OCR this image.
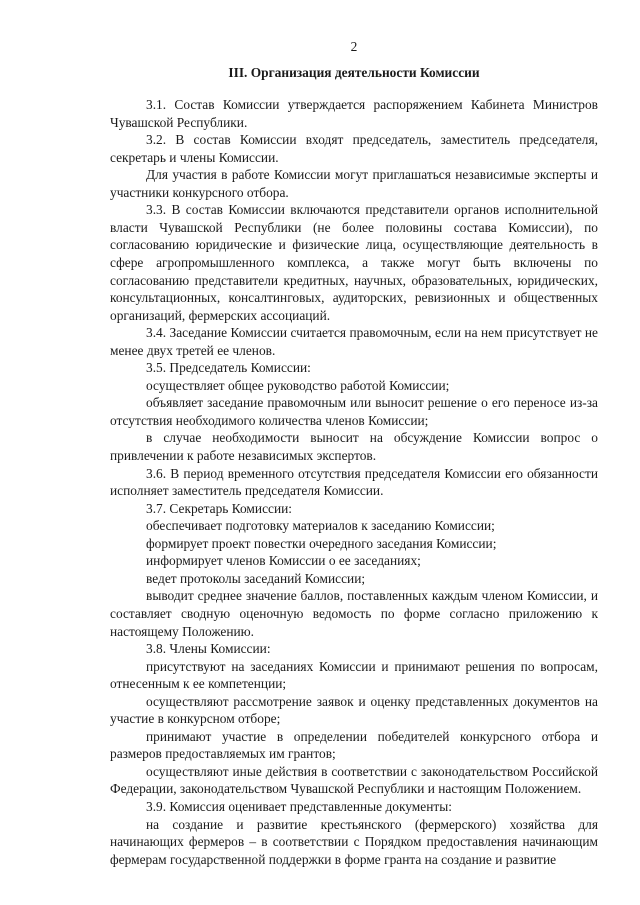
2
III. Организация деятельности Комиссии

3.1. Состав Комиссии утверждается распоряжением Кабинета Министров Чувашской Республики.

3.2. В состав Комиссии входят председатель, заместитель председателя, секретарь и члены Комиссии.

Для участия в работе Комиссии могут приглашаться независимые эксперты и участники конкурсного отбора.

3.3. В состав Комиссии включаются представители органов исполнительной власти Чувашской Республики (не более половины состава Комиссии), по согласованию юридические и физические лица, осуществляющие деятельность в сфере агропромышленного комплекса, а также могут быть включены по согласованию представители кредитных, научных, образовательных, юридических, консультационных, консалтинговых, аудиторских, ревизионных и общественных организаций, фермерских ассоциаций.

3.4. Заседание Комиссии считается правомочным, если на нем присутствует не менее двух третей ее членов.

3.5. Председатель Комиссии:

осуществляет общее руководство работой Комиссии;

объявляет заседание правомочным или выносит решение о его переносе из-за отсутствия необходимого количества членов Комиссии;

в случае необходимости выносит на обсуждение Комиссии вопрос о привлечении к работе независимых экспертов.

3.6. В период временного отсутствия председателя Комиссии его обязанности исполняет заместитель председателя Комиссии.

3.7. Секретарь Комиссии:

обеспечивает подготовку материалов к заседанию Комиссии;

формирует проект повестки очередного заседания Комиссии;

информирует членов Комиссии о ее заседаниях;

ведет протоколы заседаний Комиссии;

выводит среднее значение баллов, поставленных каждым членом Комиссии, и составляет сводную оценочную ведомость по форме согласно приложению к настоящему Положению.

3.8. Члены Комиссии:

присутствуют на заседаниях Комиссии и принимают решения по вопросам, отнесенным к ее компетенции;

осуществляют рассмотрение заявок и оценку представленных документов на участие в конкурсном отборе;

принимают участие в определении победителей конкурсного отбора и размеров предоставляемых им грантов;

осуществляют иные действия в соответствии с законодательством Российской Федерации, законодательством Чувашской Республики и настоящим Положением.

3.9. Комиссия оценивает представленные документы:

на создание и развитие крестьянского (фермерского) хозяйства для начинающих фермеров – в соответствии с Порядком предоставления начинающим фермерам государственной поддержки в форме гранта на создание и развитие
